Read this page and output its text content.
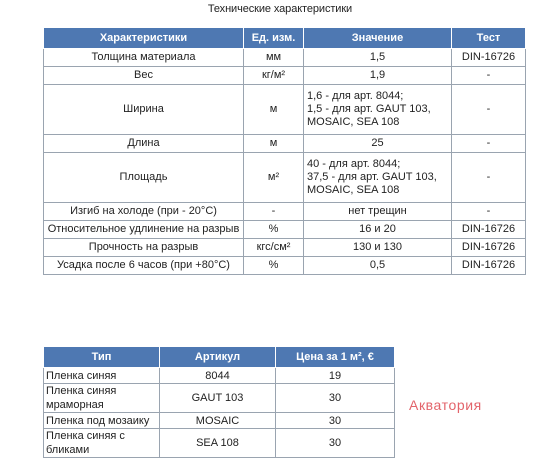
Технические характеристики
Характеристики	Ед. изм.	Значение	Тест
Толщина материала	мм	1,5	DIN-16726
Вес	кг/м²	1,9	-
Ширина	м	1,6 - для арт. 8044;
1,5 - для арт. GAUT 103,
MOSAIC, SEA 108	-
Длина	м	25	-
Площадь	м²	40 - для арт. 8044;
37,5 - для арт. GAUT 103,
MOSAIC, SEA 108	-
Изгиб на холоде (при - 20°С)	-	нет трещин	-
Относительное удлинение на разрыв	%	16 и 20	DIN-16726
Прочность на разрыв	кгс/см²	130 и 130	DIN-16726
Усадка после 6 часов (при +80°С)	%	0,5	DIN-16726
Тип	Артикул	Цена за 1 м², €
Пленка синяя	8044	19
Пленка синяя мраморная	GAUT 103	30
Пленка под мозаику	MOSAIC	30
Пленка синяя с бликами	SEA 108	30
Акватория
